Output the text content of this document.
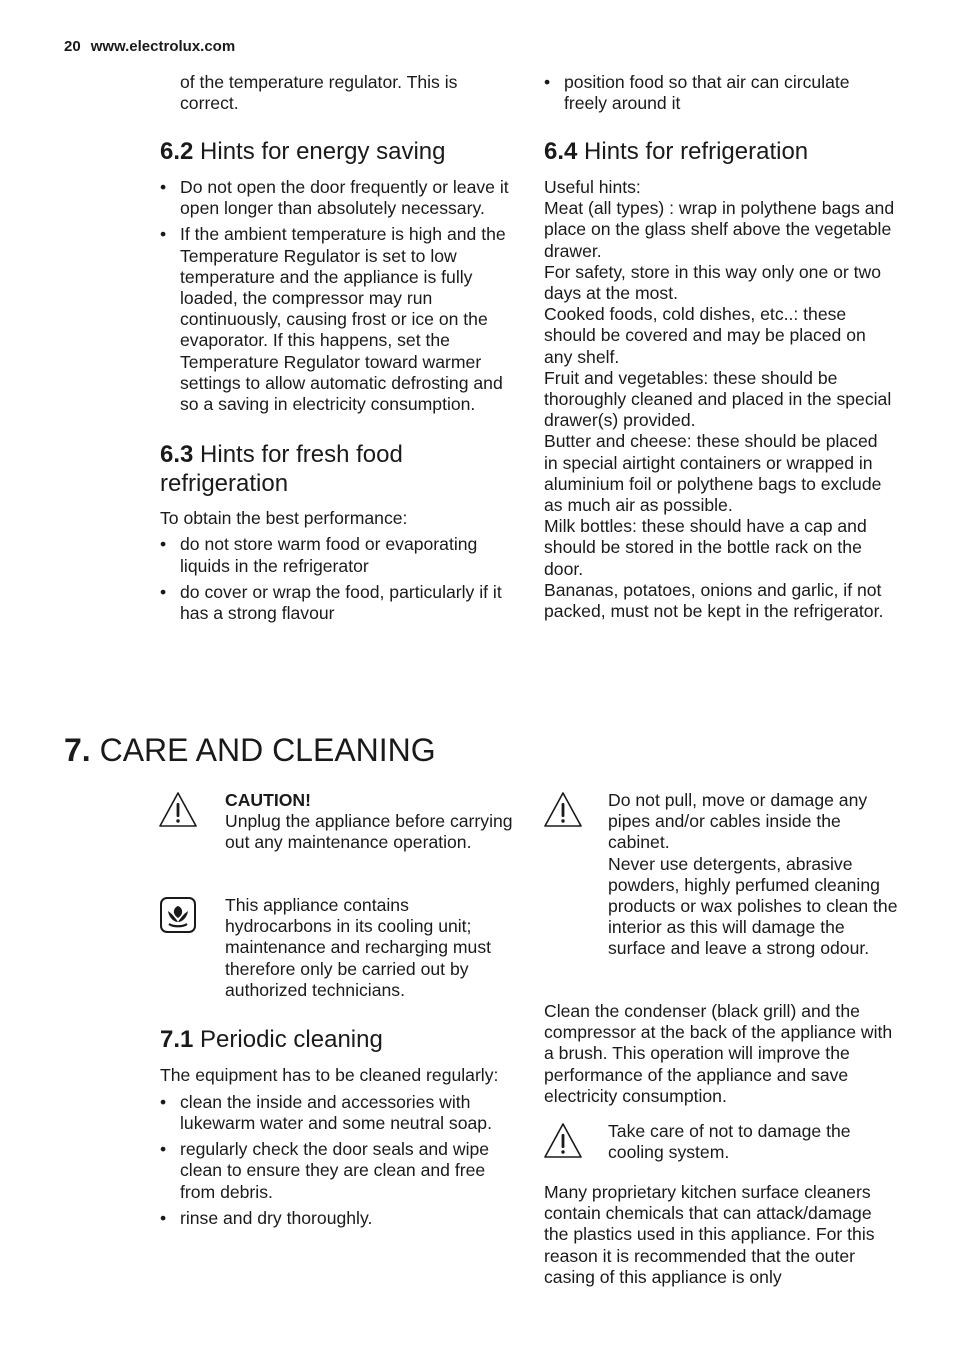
20 www.electrolux.com

of the temperature regulator. This is correct.

6.2 Hints for energy saving
• Do not open the door frequently or leave it open longer than absolutely necessary.
• If the ambient temperature is high and the Temperature Regulator is set to low temperature and the appliance is fully loaded, the compressor may run continuously, causing frost or ice on the evaporator. If this happens, set the Temperature Regulator toward warmer settings to allow automatic defrosting and so a saving in electricity consumption.
6.3 Hints for fresh food refrigeration

To obtain the best performance:

• do not store warm food or evaporating liquids in the refrigerator
• do cover or wrap the food, particularly if it has a strong flavour
• position food so that air can circulate freely around it
6.4 Hints for refrigeration

Useful hints:

Meat (all types) : wrap in polythene bags and place on the glass shelf above the vegetable drawer.

For safety, store in this way only one or two days at the most.

Cooked foods, cold dishes, etc..: these should be covered and may be placed on any shelf.

Fruit and vegetables: these should be thoroughly cleaned and placed in the special drawer(s) provided.

Butter and cheese: these should be placed in special airtight containers or wrapped in aluminium foil or polythene bags to exclude as much air as possible.

Milk bottles: these should have a cap and should be stored in the bottle rack on the door.

Bananas, potatoes, onions and garlic, if not packed, must not be kept in the refrigerator.

7. CARE AND CLEANING

CAUTION!

Unplug the appliance before carrying out any maintenance operation.

This appliance contains hydrocarbons in its cooling unit; maintenance and recharging must therefore only be carried out by authorized technicians.

7.1 Periodic cleaning

The equipment has to be cleaned regularly:

• clean the inside and accessories with lukewarm water and some neutral soap.
• regularly check the door seals and wipe clean to ensure they are clean and free from debris.
• rinse and dry thoroughly.

Do not pull, move or damage any pipes and/or cables inside the cabinet.

Never use detergents, abrasive powders, highly perfumed cleaning products or wax polishes to clean the interior as this will damage the surface and leave a strong odour.

Clean the condenser (black grill) and the compressor at the back of the appliance with a brush. This operation will improve the performance of the appliance and save electricity consumption.

Take care of not to damage the cooling system.

Many proprietary kitchen surface cleaners contain chemicals that can attack/damage the plastics used in this appliance. For this reason it is recommended that the outer casing of this appliance is only
